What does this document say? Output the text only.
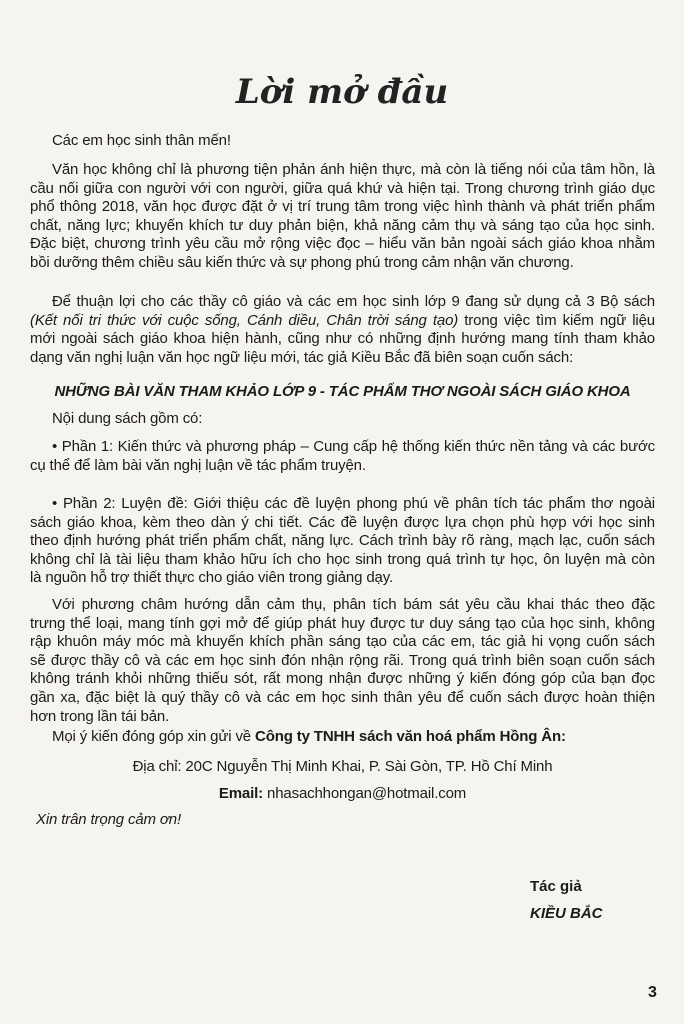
Lời mở đầu
Các em học sinh thân mến!
Văn học không chỉ là phương tiện phản ánh hiện thực, mà còn là tiếng nói của tâm hồn, là
cầu nối giữa con người với con người, giữa quá khứ và hiện tại. Trong chương trình giáo dục
phổ thông 2018, văn học được đặt ở vị trí trung tâm trong việc hình thành và phát triển phẩm
chất, năng lực; khuyến khích tư duy phản biện, khả năng cảm thụ và sáng tạo của học sinh.
Đặc biệt, chương trình yêu cầu mở rộng việc đọc – hiểu văn bản ngoài sách giáo khoa nhằm
bồi dưỡng thêm chiều sâu kiến thức và sự phong phú trong cảm nhận văn chương.
Để thuận lợi cho các thầy cô giáo và các em học sinh lớp 9 đang sử dụng cả 3 Bộ sách
(Kết nối tri thức với cuộc sống, Cánh diều, Chân trời sáng tạo) trong việc tìm kiếm ngữ liệu
mới ngoài sách giáo khoa hiện hành, cũng như có những định hướng mang tính tham khảo
dạng văn nghị luận văn học ngữ liệu mới, tác giả Kiều Bắc đã biên soạn cuốn sách:
NHỮNG BÀI VĂN THAM KHẢO LỚP 9 - TÁC PHẨM THƠ NGOÀI SÁCH GIÁO KHOA
Nội dung sách gồm có:
• Phần 1: Kiến thức và phương pháp – Cung cấp hệ thống kiến thức nền tảng và các bước
cụ thể để làm bài văn nghị luận về tác phẩm truyện.
• Phần 2: Luyện đề: Giới thiệu các đề luyện phong phú về phân tích tác phẩm thơ ngoài
sách giáo khoa, kèm theo dàn ý chi tiết. Các đề luyện được lựa chọn phù hợp với học sinh
theo định hướng phát triển phẩm chất, năng lực. Cách trình bày rõ ràng, mạch lạc, cuốn sách
không chỉ là tài liệu tham khảo hữu ích cho học sinh trong quá trình tự học, ôn luyện mà còn
là nguồn hỗ trợ thiết thực cho giáo viên trong giảng dạy.
Với phương châm hướng dẫn cảm thụ, phân tích bám sát yêu cầu khai thác theo đặc
trưng thể loại, mang tính gợi mở để giúp phát huy được tư duy sáng tạo của học sinh, không
rập khuôn máy móc mà khuyến khích phần sáng tạo của các em, tác giả hi vọng cuốn sách
sẽ được thầy cô và các em học sinh đón nhận rộng rãi. Trong quá trình biên soạn cuốn sách
không tránh khỏi những thiếu sót, rất mong nhận được những ý kiến đóng góp của bạn đọc
gần xa, đặc biệt là quý thầy cô và các em học sinh thân yêu để cuốn sách được hoàn thiện
hơn trong lần tái bản.
Mọi ý kiến đóng góp xin gửi về Công ty TNHH sách văn hoá phẩm Hồng Ân:
Địa chỉ: 20C Nguyễn Thị Minh Khai, P. Sài Gòn, TP. Hồ Chí Minh
Email: nhasachhongan@hotmail.com
Xin trân trọng cảm ơn!
Tác giả
KIỀU BẮC
3
